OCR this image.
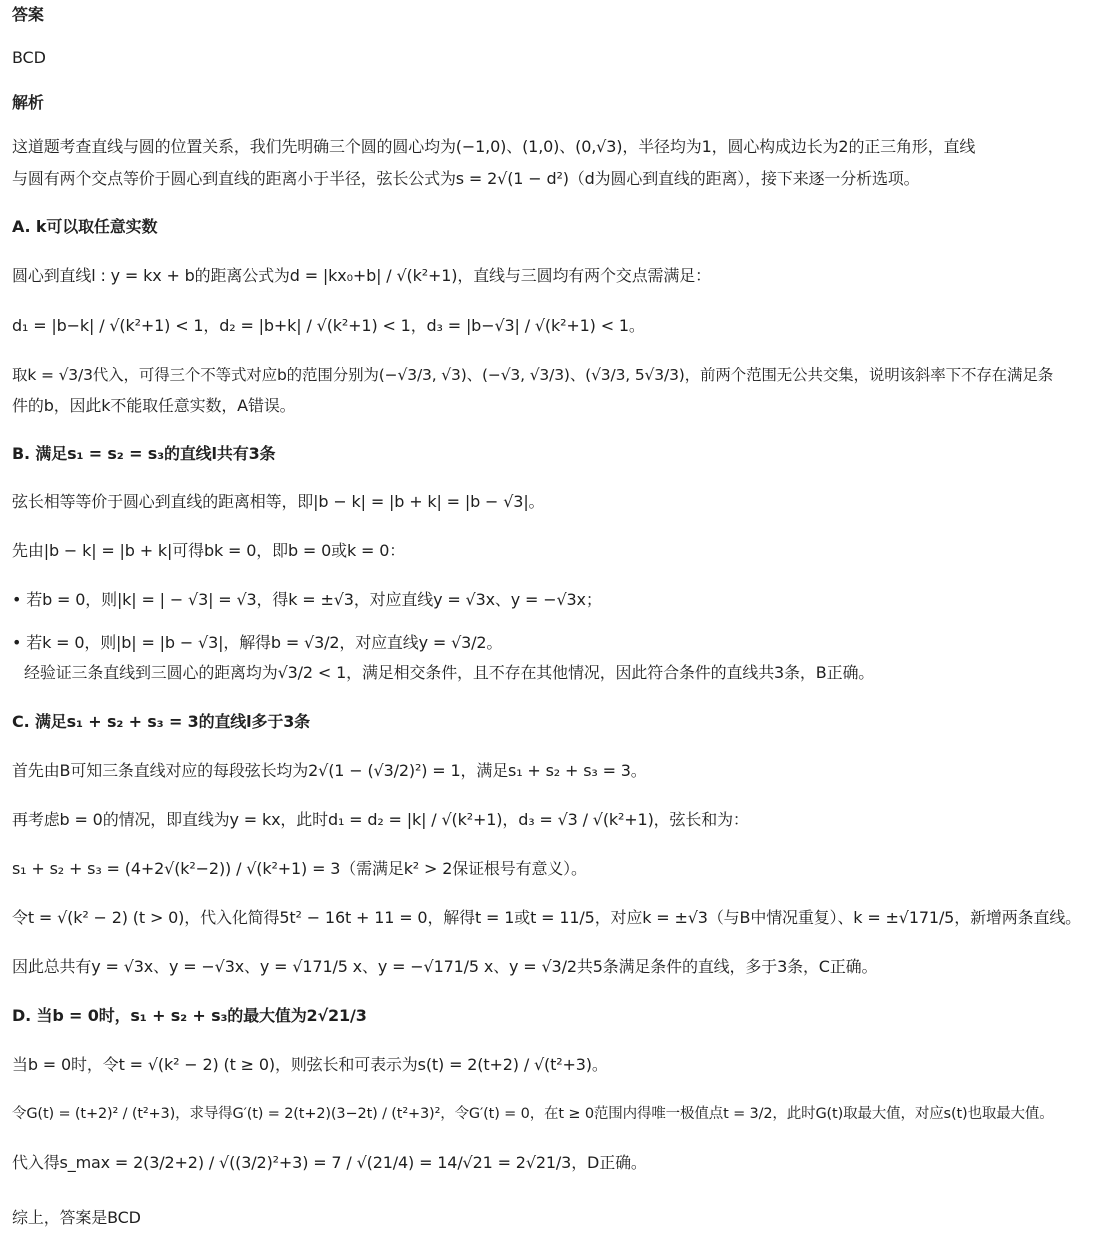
答案
BCD
解析
这道题考查直线与圆的位置关系，我们先明确三个圆的圆心均为(−1,0)、(1,0)、(0,√3)，半径均为1，圆心构成边长为2的正三角形，直线
与圆有两个交点等价于圆心到直线的距离小于半径，弦长公式为s = 2√(1 − d²)（d为圆心到直线的距离），接下来逐一分析选项。
A. k可以取任意实数
圆心到直线l : y = kx + b的距离公式为d = |kx₀+b| / √(k²+1)，直线与三圆均有两个交点需满足：
d₁ = |b−k| / √(k²+1) < 1，d₂ = |b+k| / √(k²+1) < 1，d₃ = |b−√3| / √(k²+1) < 1。
取k = √3/3代入，可得三个不等式对应b的范围分别为(−√3/3, √3)、(−√3, √3/3)、(√3/3, 5√3/3)，前两个范围无公共交集，说明该斜率下不存在满足条
件的b，因此k不能取任意实数，A错误。
B. 满足s₁ = s₂ = s₃的直线l共有3条
弦长相等等价于圆心到直线的距离相等，即|b − k| = |b + k| = |b − √3|。
先由|b − k| = |b + k|可得bk = 0，即b = 0或k = 0：
• 若b = 0，则|k| = | − √3| = √3，得k = ±√3，对应直线y = √3x、y = −√3x；
• 若k = 0，则|b| = |b − √3|，解得b = √3/2，对应直线y = √3/2。
经验证三条直线到三圆心的距离均为√3/2 < 1，满足相交条件，且不存在其他情况，因此符合条件的直线共3条，B正确。
C. 满足s₁ + s₂ + s₃ = 3的直线l多于3条
首先由B可知三条直线对应的每段弦长均为2√(1 − (√3/2)²) = 1，满足s₁ + s₂ + s₃ = 3。
再考虑b = 0的情况，即直线为y = kx，此时d₁ = d₂ = |k| / √(k²+1)，d₃ = √3 / √(k²+1)，弦长和为：
s₁ + s₂ + s₃ = (4+2√(k²−2)) / √(k²+1) = 3（需满足k² > 2保证根号有意义）。
令t = √(k² − 2) (t > 0)，代入化简得5t² − 16t + 11 = 0，解得t = 1或t = 11/5，对应k = ±√3（与B中情况重复）、k = ±√171/5，新增两条直线。
因此总共有y = √3x、y = −√3x、y = √171/5 x、y = −√171/5 x、y = √3/2共5条满足条件的直线，多于3条，C正确。
D. 当b = 0时，s₁ + s₂ + s₃的最大值为2√21/3
当b = 0时，令t = √(k² − 2) (t ≥ 0)，则弦长和可表示为s(t) = 2(t+2) / √(t²+3)。
令G(t) = (t+2)² / (t²+3)，求导得G′(t) = 2(t+2)(3−2t) / (t²+3)²，令G′(t) = 0，在t ≥ 0范围内得唯一极值点t = 3/2，此时G(t)取最大值，对应s(t)也取最大值。
代入得s_max = 2(3/2+2) / √((3/2)²+3) = 7 / √(21/4) = 14/√21 = 2√21/3，D正确。
综上，答案是BCD
